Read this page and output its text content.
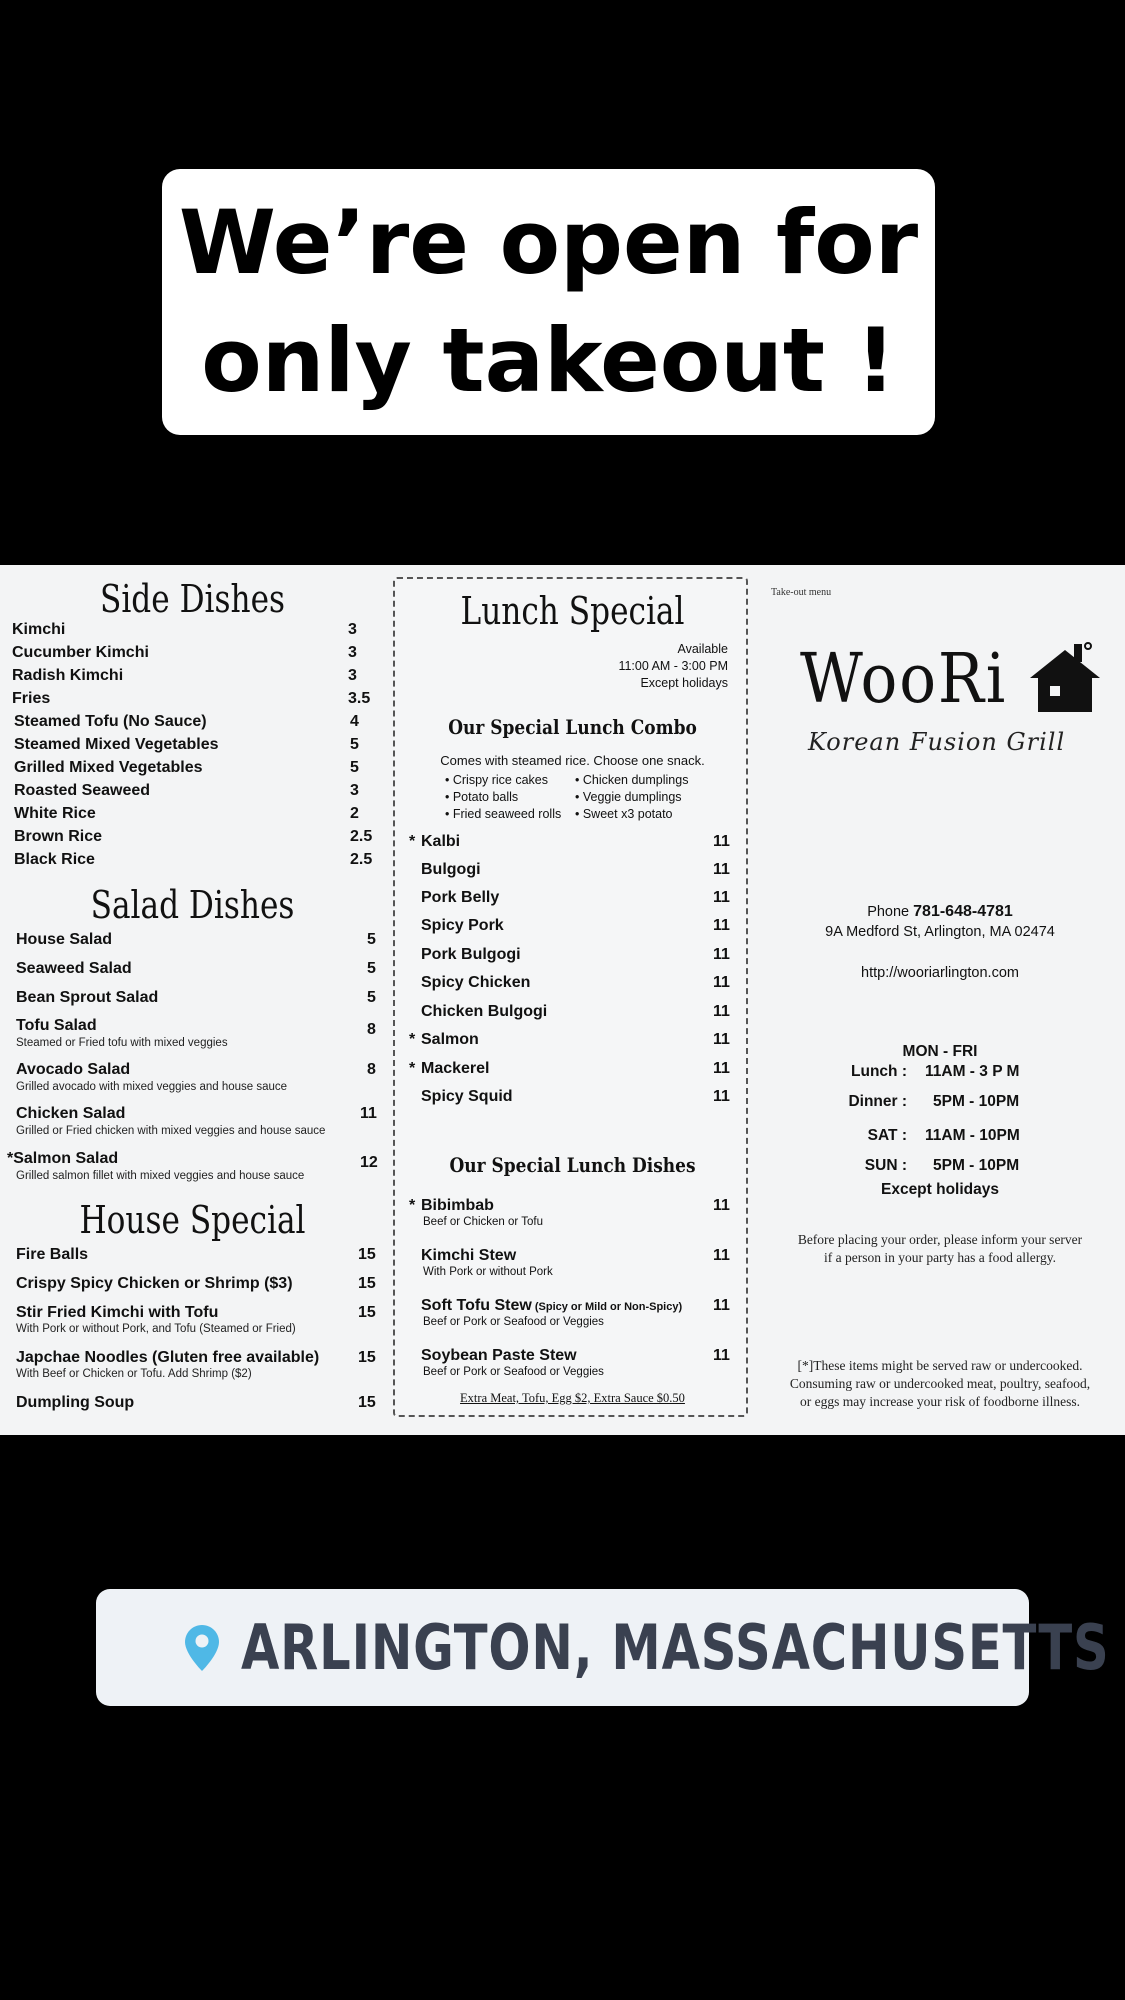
We’re open for
only takeout !
Side Dishes
Kimchi	3
Cucumber Kimchi	3
Radish Kimchi	3
Fries	3.5
Steamed Tofu (No Sauce)	4
Steamed Mixed Vegetables	5
Grilled Mixed Vegetables	5
Roasted Seaweed	3
White Rice	2
Brown Rice	2.5
Black Rice	2.5
Salad Dishes
House Salad	5
Seaweed Salad	5
Bean Sprout Salad	5
Tofu Salad	8
Steamed or Fried tofu with mixed veggies
Avocado Salad	8
Grilled avocado with mixed veggies and house sauce
Chicken Salad	11
Grilled or Fried chicken with mixed veggies and house sauce
*Salmon Salad	12
Grilled salmon fillet with mixed veggies and house sauce
House Special
Fire Balls	15
Crispy Spicy Chicken or Shrimp ($3)	15
Stir Fried Kimchi with Tofu	15
With Pork or without Pork, and Tofu (Steamed or Fried)
Japchae Noodles (Gluten free available) 15
With Beef or Chicken or Tofu. Add Shrimp ($2)
Dumpling Soup	15
Lunch Special
Available
11:00 AM - 3:00 PM
Except holidays
Our Special Lunch Combo
Comes with steamed rice. Choose one snack.
• Crispy rice cakes
• Potato balls
• Fried seaweed rolls
• Chicken dumplings
• Veggie dumplings
• Sweet x3 potato
* Kalbi	11
Bulgogi	11
Pork Belly	11
Spicy Pork	11
Pork Bulgogi	11
Spicy Chicken	11
Chicken Bulgogi	11
* Salmon	11
* Mackerel	11
Spicy Squid	11
Our Special Lunch Dishes
* Bibimbab	11
Beef or Chicken or Tofu
Kimchi Stew	11
With Pork or without Pork
Soft Tofu Stew (Spicy or Mild or Non-Spicy) 11
Beef or Pork or Seafood or Veggies
Soybean Paste Stew	11
Beef or Pork or Seafood or Veggies
Extra Meat, Tofu, Egg $2, Extra Sauce $0.50
Take-out menu
WooRi
Korean Fusion Grill
Phone 781-648-4781
9A Medford St, Arlington, MA 02474
http://wooriarlington.com
MON - FRI
Lunch : 11AM - 3 P M
Dinner : 5PM - 10PM
SAT : 11AM - 10PM
SUN : 5PM - 10PM
Except holidays
Before placing your order, please inform your server
if a person in your party has a food allergy.
[*]These items might be served raw or undercooked.
Consuming raw or undercooked meat, poultry, seafood,
or eggs may increase your risk of foodborne illness.
ARLINGTON, MASSACHUSETTS
